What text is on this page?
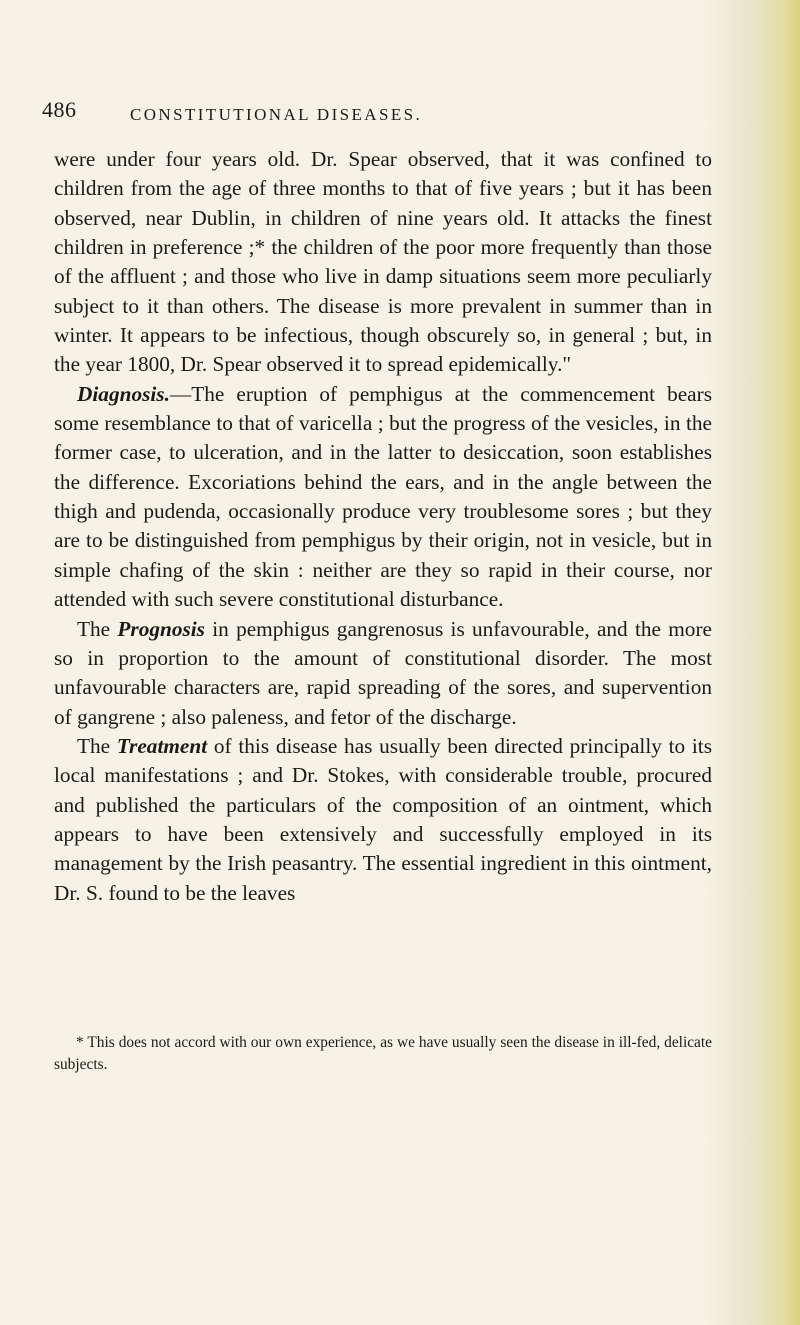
486	CONSTITUTIONAL DISEASES.

were under four years old. Dr. Spear observed, that it was confined to children from the age of three months to that of five years ; but it has been observed, near Dublin, in children of nine years old. It attacks the finest children in preference ;* the children of the poor more frequently than those of the affluent ; and those who live in damp situations seem more peculiarly subject to it than others. The disease is more prevalent in summer than in winter. It appears to be infectious, though obscurely so, in general ; but, in the year 1800, Dr. Spear observed it to spread epidemically."

Diagnosis.—The eruption of pemphigus at the commencement bears some resemblance to that of varicella ; but the progress of the vesicles, in the former case, to ulceration, and in the latter to desiccation, soon establishes the difference. Excoriations behind the ears, and in the angle between the thigh and pudenda, occasionally produce very troublesome sores ; but they are to be distinguished from pemphigus by their origin, not in vesicle, but in simple chafing of the skin : neither are they so rapid in their course, nor attended with such severe constitutional disturbance.

The Prognosis in pemphigus gangrenosus is unfavourable, and the more so in proportion to the amount of constitutional disorder. The most unfavourable characters are, rapid spreading of the sores, and supervention of gangrene ; also paleness, and fetor of the discharge.

The Treatment of this disease has usually been directed principally to its local manifestations ; and Dr. Stokes, with considerable trouble, procured and published the particulars of the composition of an ointment, which appears to have been extensively and successfully employed in its management by the Irish peasantry. The essential ingredient in this ointment, Dr. S. found to be the leaves

* This does not accord with our own experience, as we have usually seen the disease in ill-fed, delicate subjects.
